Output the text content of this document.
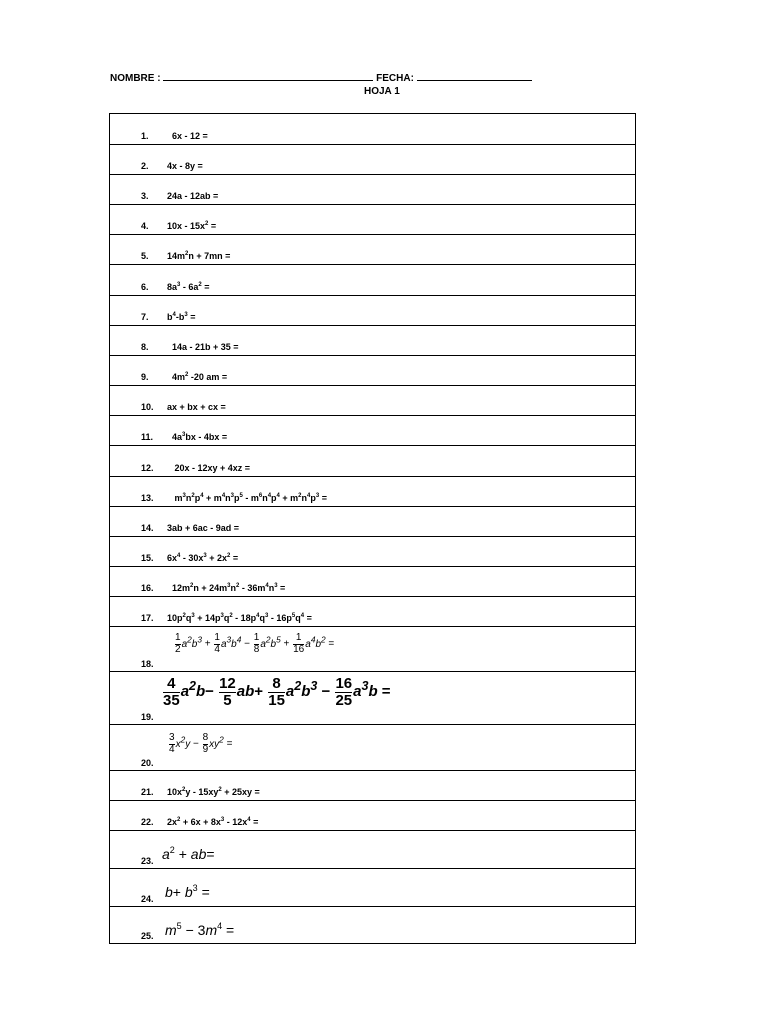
NOMBRE :	FECHA:
HOJA 1
1.  6x - 12 =
2. 4x - 8y =
3. 24a - 12ab =
4. $10x - 15x^2$ =
5. $14m^2n + 7mn$ =
6. $8a^3 - 6a^2$ =
7. $b^4-b^3$ =
8.  14a - 21b + 35 =
9.  $4m^2$ -20 am =
10. ax + bx + cx =
11.  $4a^3bx - 4bx$ =
12.   20x - 12xy + 4xz =
13.   $m^3n^2p^4 + m^4n^3p^5 - m^6n^4p^4 + m^2n^4p^3$ =
14. 3ab + 6ac - 9ad =
15. $6x^4 - 30x^3 + 2x^2$ =
16.  $12m^2n + 24m^3n^2 - 36m^4n^3$ =
17. $10p^2q^3 + 14p^3q^2 - 18p^4q^3 - 16p^5q^4$ =
18.
$\frac{1}{2} a^2b^3 + \frac{1}{4} a^3b^4 - \frac{1}{8} a^2b^5 + \frac{1}{16} a^4b^2$ =
19.
$\frac{4}{35} a^2b- \frac{12}{5} ab+ \frac{8}{15} a^2b^3 - \frac{16}{25} a^3b$ =
20.
$\frac{3}{4} x^2y - \frac{8}{9} xy^2$ =
21. $10x^2y - 15xy^2 + 25xy$ =
22. $2x^2 + 6x + 8x^3 - 12x^4$ =
23. $a^2 + ab=$
24. $b+ b^3$ =
25. $m^5 - 3m^4$ =
